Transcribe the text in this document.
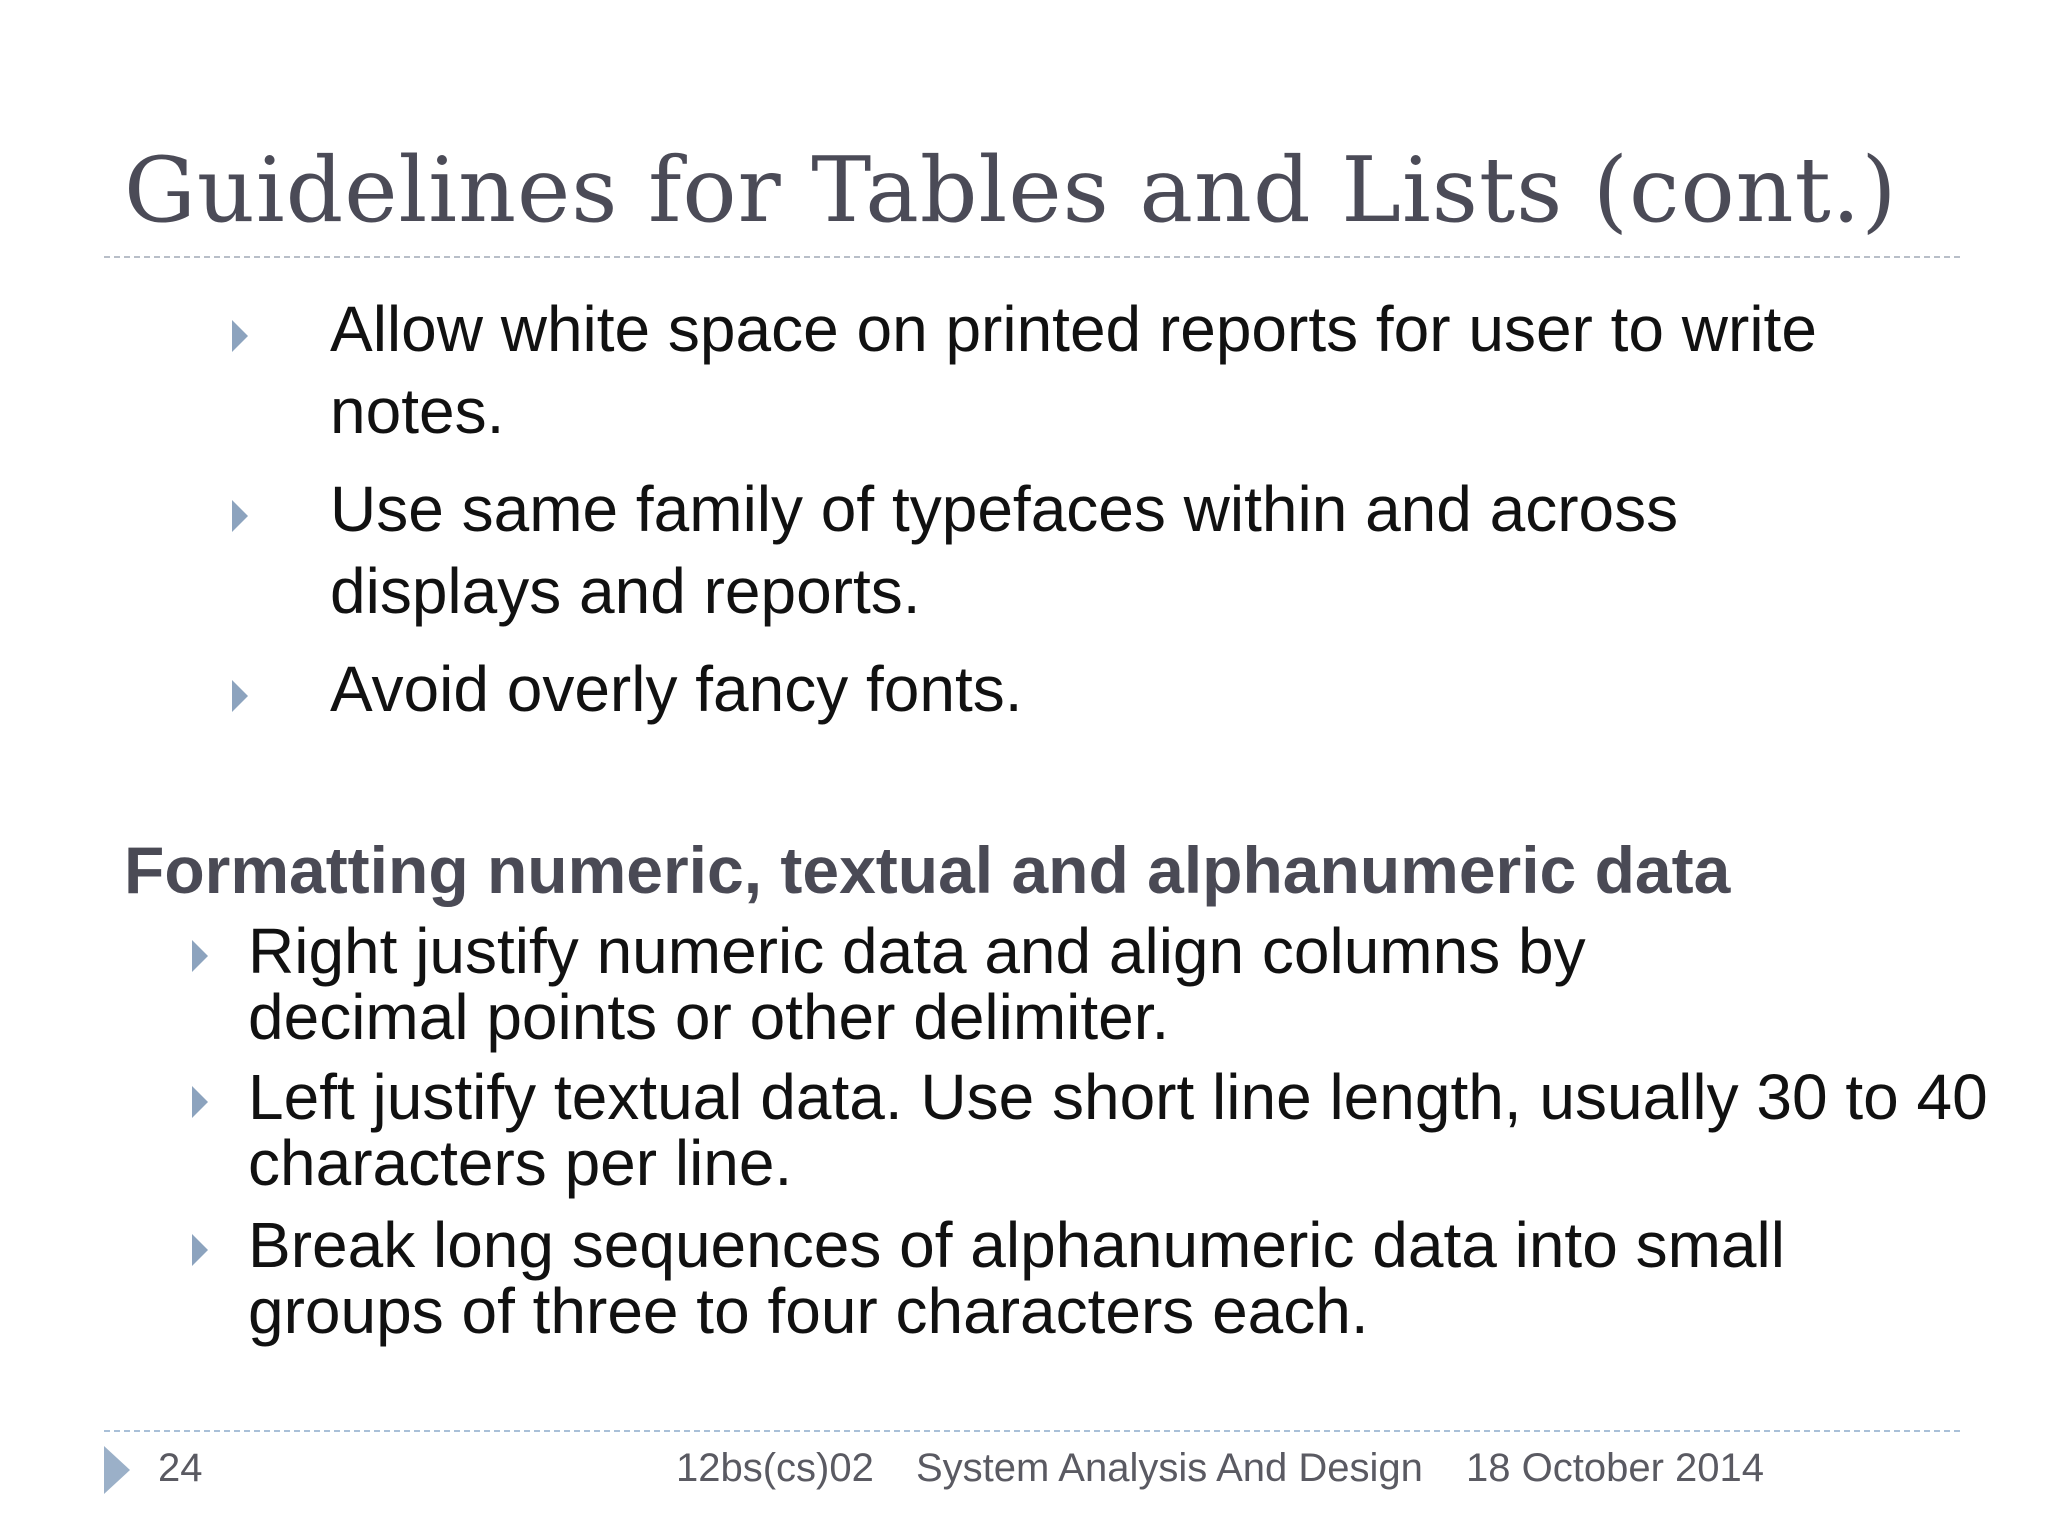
Guidelines for Tables and Lists (cont.)
Allow white space on printed reports for user to write notes.
Use same family of typefaces within and across displays and reports.
Avoid overly fancy fonts.
Formatting numeric, textual and alphanumeric data
Right justify numeric data and align columns by decimal points or other delimiter.
Left justify textual data. Use short line length, usually 30 to 40 characters per line.
Break long sequences of alphanumeric data into small groups of three to four characters each.
24	12bs(cs)02 System Analysis And Design 18 October 2014
